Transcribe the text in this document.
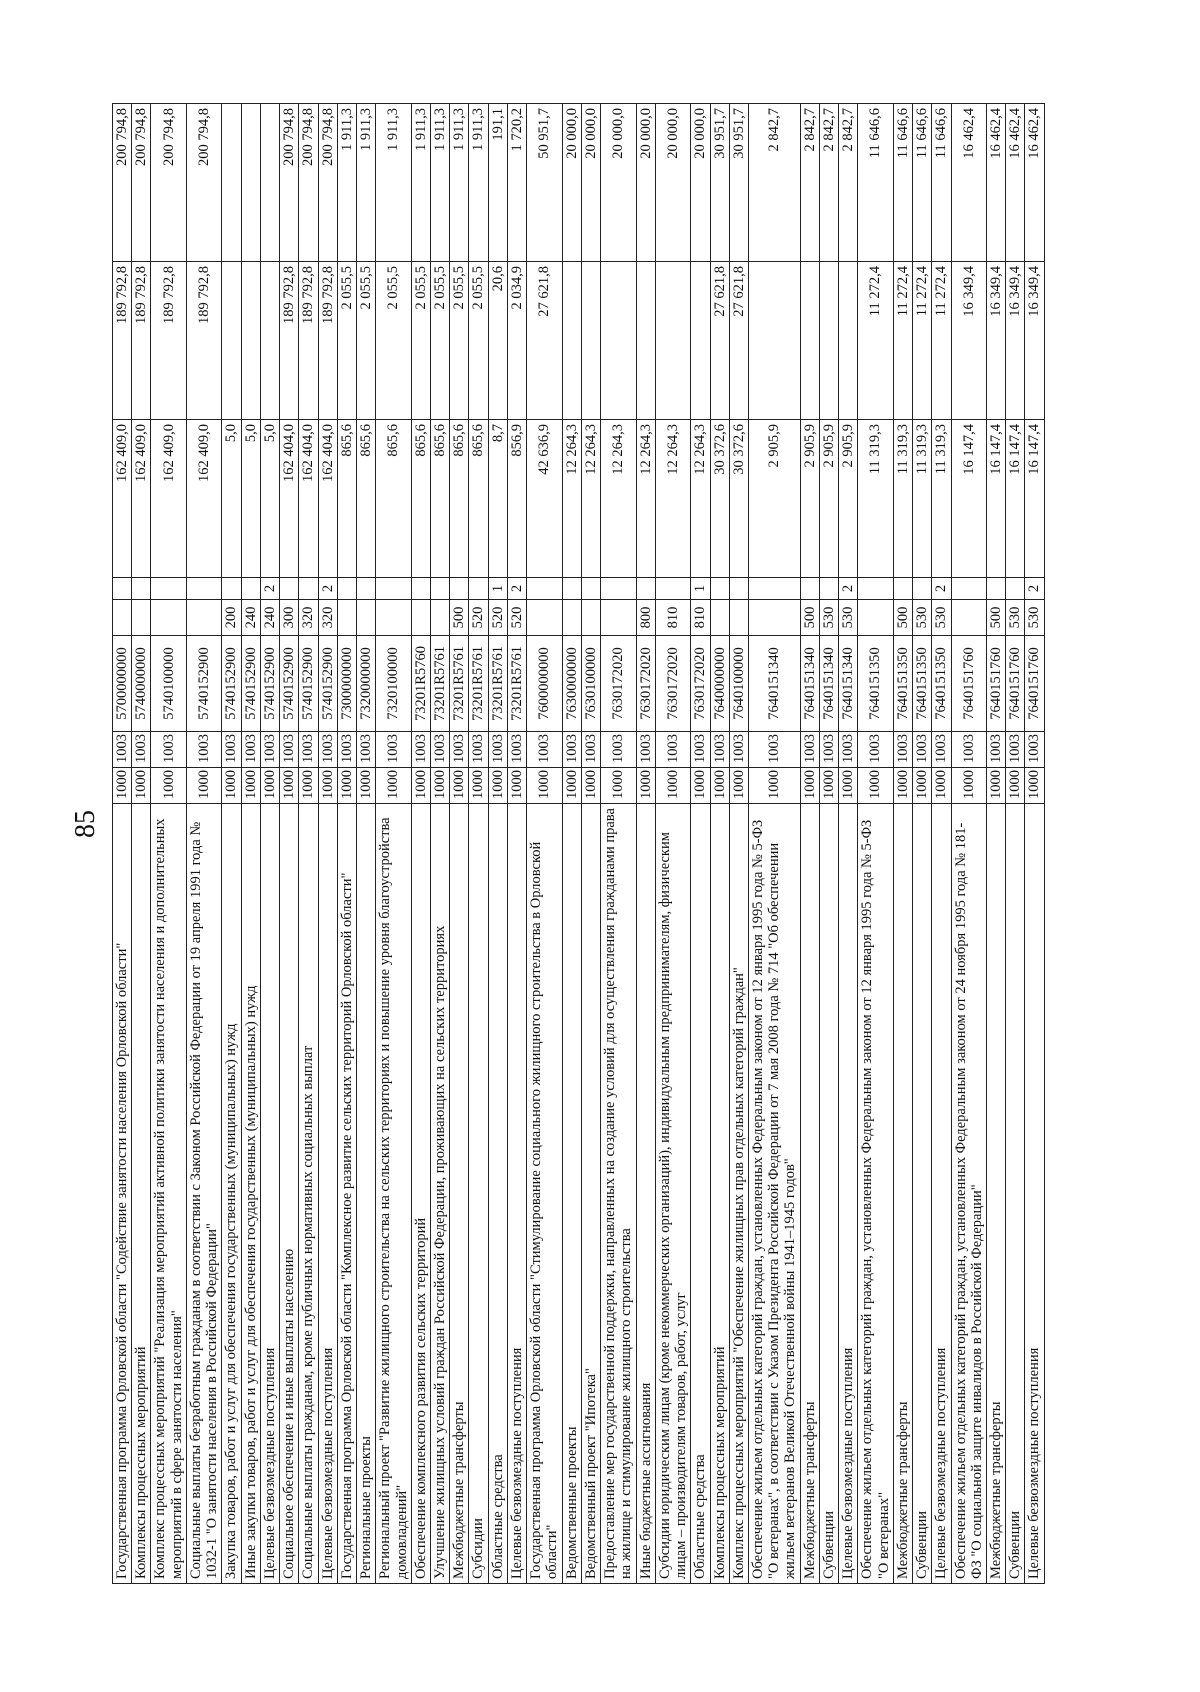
85
Государственная программа Орловской области "Содействие занятости населения Орловской области"	1000	1003	5700000000			162 409,0	189 792,8	200 794,8
Комплексы процессных мероприятий	1000	1003	5740000000			162 409,0	189 792,8	200 794,8
Комплекс процессных мероприятий "Реализация мероприятий активной политики занятости населения и дополнительных мероприятий в сфере занятости населения"	1000	1003	5740100000			162 409,0	189 792,8	200 794,8
Социальные выплаты безработным гражданам в соответствии с Законом Российской Федерации от 19 апреля 1991 года № 1032-1 "О занятости населения в Российской Федерации"	1000	1003	5740152900			162 409,0	189 792,8	200 794,8
Закупка товаров, работ и услуг для обеспечения государственных (муниципальных) нужд	1000	1003	5740152900	200		5,0		
Иные закупки товаров, работ и услуг для обеспечения государственных (муниципальных) нужд	1000	1003	5740152900	240		5,0		
Целевые безвозмездные поступления	1000	1003	5740152900	240	2	5,0		
Социальное обеспечение и иные выплаты населению	1000	1003	5740152900	300		162 404,0	189 792,8	200 794,8
Социальные выплаты гражданам, кроме публичных нормативных социальных выплат	1000	1003	5740152900	320		162 404,0	189 792,8	200 794,8
Целевые безвозмездные поступления	1000	1003	5740152900	320	2	162 404,0	189 792,8	200 794,8
Государственная программа Орловской области "Комплексное развитие сельских территорий Орловской области"	1000	1003	7300000000			865,6	2 055,5	1 911,3
Региональные проекты	1000	1003	7320000000			865,6	2 055,5	1 911,3
Региональный проект "Развитие жилищного строительства на сельских территориях и повышение уровня благоустройства домовладений"	1000	1003	7320100000			865,6	2 055,5	1 911,3
Обеспечение комплексного развития сельских территорий	1000	1003	73201R5760			865,6	2 055,5	1 911,3
Улучшение жилищных условий граждан Российской Федерации, проживающих на сельских территориях	1000	1003	73201R5761			865,6	2 055,5	1 911,3
Межбюджетные трансферты	1000	1003	73201R5761	500		865,6	2 055,5	1 911,3
Субсидии	1000	1003	73201R5761	520		865,6	2 055,5	1 911,3
Областные средства	1000	1003	73201R5761	520	1	8,7	20,6	191,1
Целевые безвозмездные поступления	1000	1003	73201R5761	520	2	856,9	2 034,9	1 720,2
Государственная программа Орловской области "Стимулирование социального жилищного строительства в Орловской области"	1000	1003	7600000000			42 636,9	27 621,8	50 951,7
Ведомственные проекты	1000	1003	7630000000			12 264,3		20 000,0
Ведомственный проект "Ипотека"	1000	1003	7630100000			12 264,3		20 000,0
Предоставление мер государственной поддержки, направленных на создание условий для осуществления гражданами права на жилище и стимулирование жилищного строительства	1000	1003	7630172020			12 264,3		20 000,0
Иные бюджетные ассигнования	1000	1003	7630172020	800		12 264,3		20 000,0
Субсидии юридическим лицам (кроме некоммерческих организаций), индивидуальным предпринимателям, физическим лицам – производителям товаров, работ, услуг	1000	1003	7630172020	810		12 264,3		20 000,0
Областные средства	1000	1003	7630172020	810	1	12 264,3		20 000,0
Комплексы процессных мероприятий	1000	1003	7640000000			30 372,6	27 621,8	30 951,7
Комплекс процессных мероприятий "Обеспечение жилищных прав отдельных категорий граждан"	1000	1003	7640100000			30 372,6	27 621,8	30 951,7
Обеспечение жильем отдельных категорий граждан, установленных Федеральным законом от 12 января 1995 года № 5-ФЗ "О ветеранах", в соответствии с Указом Президента Российской Федерации от 7 мая 2008 года № 714 "Об обеспечении жильем ветеранов Великой Отечественной войны 1941–1945 годов"	1000	1003	7640151340			2 905,9		2 842,7
Межбюджетные трансферты	1000	1003	7640151340	500		2 905,9		2 842,7
Субвенции	1000	1003	7640151340	530		2 905,9		2 842,7
Целевые безвозмездные поступления	1000	1003	7640151340	530	2	2 905,9		2 842,7
Обеспечение жильем отдельных категорий граждан, установленных Федеральным законом от 12 января 1995 года № 5-ФЗ "О ветеранах"	1000	1003	7640151350			11 319,3	11 272,4	11 646,6
Межбюджетные трансферты	1000	1003	7640151350	500		11 319,3	11 272,4	11 646,6
Субвенции	1000	1003	7640151350	530		11 319,3	11 272,4	11 646,6
Целевые безвозмездные поступления	1000	1003	7640151350	530	2	11 319,3	11 272,4	11 646,6
Обеспечение жильем отдельных категорий граждан, установленных Федеральным законом от 24 ноября 1995 года № 181-ФЗ "О социальной защите инвалидов в Российской Федерации"	1000	1003	7640151760			16 147,4	16 349,4	16 462,4
Межбюджетные трансферты	1000	1003	7640151760	500		16 147,4	16 349,4	16 462,4
Субвенции	1000	1003	7640151760	530		16 147,4	16 349,4	16 462,4
Целевые безвозмездные поступления	1000	1003	7640151760	530	2	16 147,4	16 349,4	16 462,4
